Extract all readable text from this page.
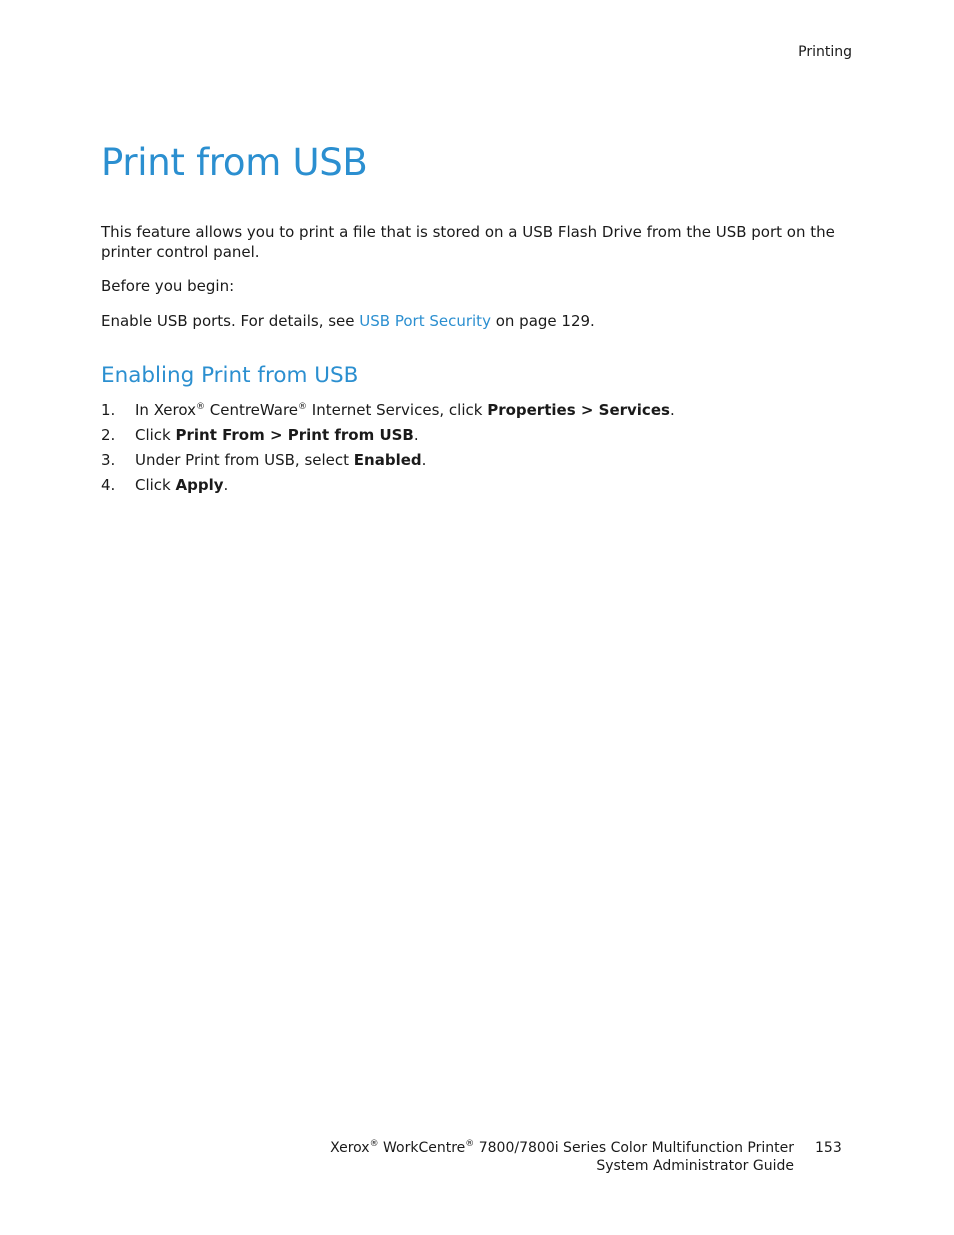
Printing
Print from USB

This feature allows you to print a file that is stored on a USB Flash Drive from the USB port on the printer control panel.

Before you begin:

Enable USB ports. For details, see USB Port Security on page 129.

Enabling Print from USB
1. In Xerox® CentreWare® Internet Services, click Properties > Services.
2. Click Print From > Print from USB.
3. Under Print from USB, select Enabled.
4. Click Apply.
Xerox® WorkCentre® 7800/7800i Series Color Multifunction Printer
System Administrator Guide
153
